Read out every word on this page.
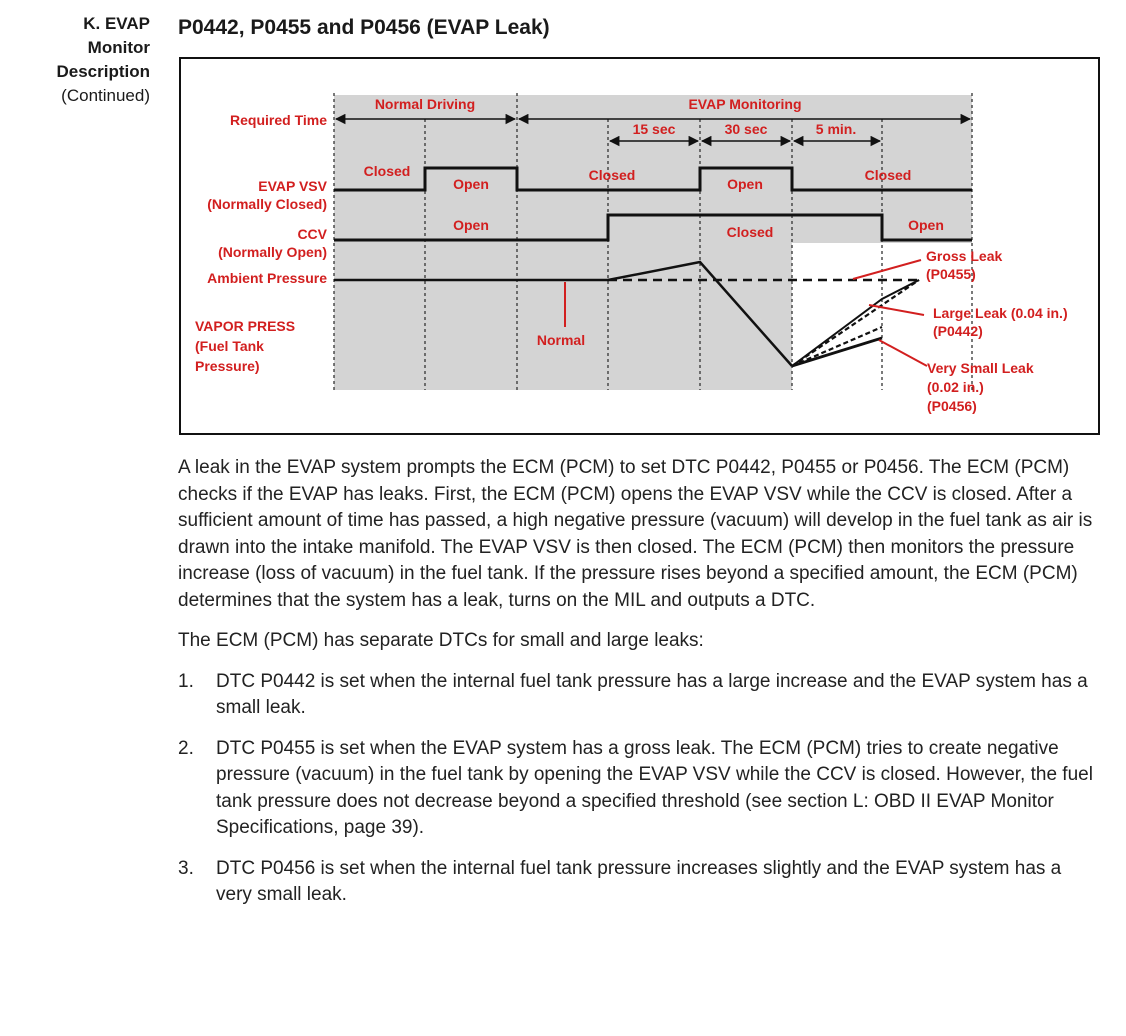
K. EVAP
Monitor
Description
(Continued)
P0442, P0455 and P0456 (EVAP Leak)
Required Time
Normal Driving	EVAP Monitoring
15 sec	30 sec	5 min.
EVAP VSV
(Normally Closed)
CCV
(Normally Open)
Ambient Pressure
VAPOR PRESS
(Fuel Tank
Pressure)
Closed
Open
Closed
Open
Closed
Open	Closed	Open
Normal
Gross Leak
(P0455)
Large Leak (0.04 in.)
(P0442)
Very Small Leak
(0.02 in.)
(P0456)

A leak in the EVAP system prompts the ECM (PCM) to set DTC P0442, P0455 or P0456. The ECM (PCM) checks if the EVAP has leaks. First, the ECM (PCM) opens the EVAP VSV while the CCV is closed. After a sufficient amount of time has passed, a high negative pressure (vacuum) will develop in the fuel tank as air is drawn into the intake manifold. The EVAP VSV is then closed. The ECM (PCM) then monitors the pressure increase (loss of vacuum) in the fuel tank. If the pressure rises beyond a specified amount, the ECM (PCM) determines that the system has a leak, turns on the MIL and outputs a DTC.

The ECM (PCM) has separate DTCs for small and large leaks:

1. DTC P0442 is set when the internal fuel tank pressure has a large increase and the EVAP system has a small leak.
2. DTC P0455 is set when the EVAP system has a gross leak. The ECM (PCM) tries to create negative pressure (vacuum) in the fuel tank by opening the EVAP VSV while the CCV is closed. However, the fuel tank pressure does not decrease beyond a specified threshold (see section L: OBD II EVAP Monitor Specifications, page 39).
3. DTC P0456 is set when the internal fuel tank pressure increases slightly and the EVAP system has a very small leak.
